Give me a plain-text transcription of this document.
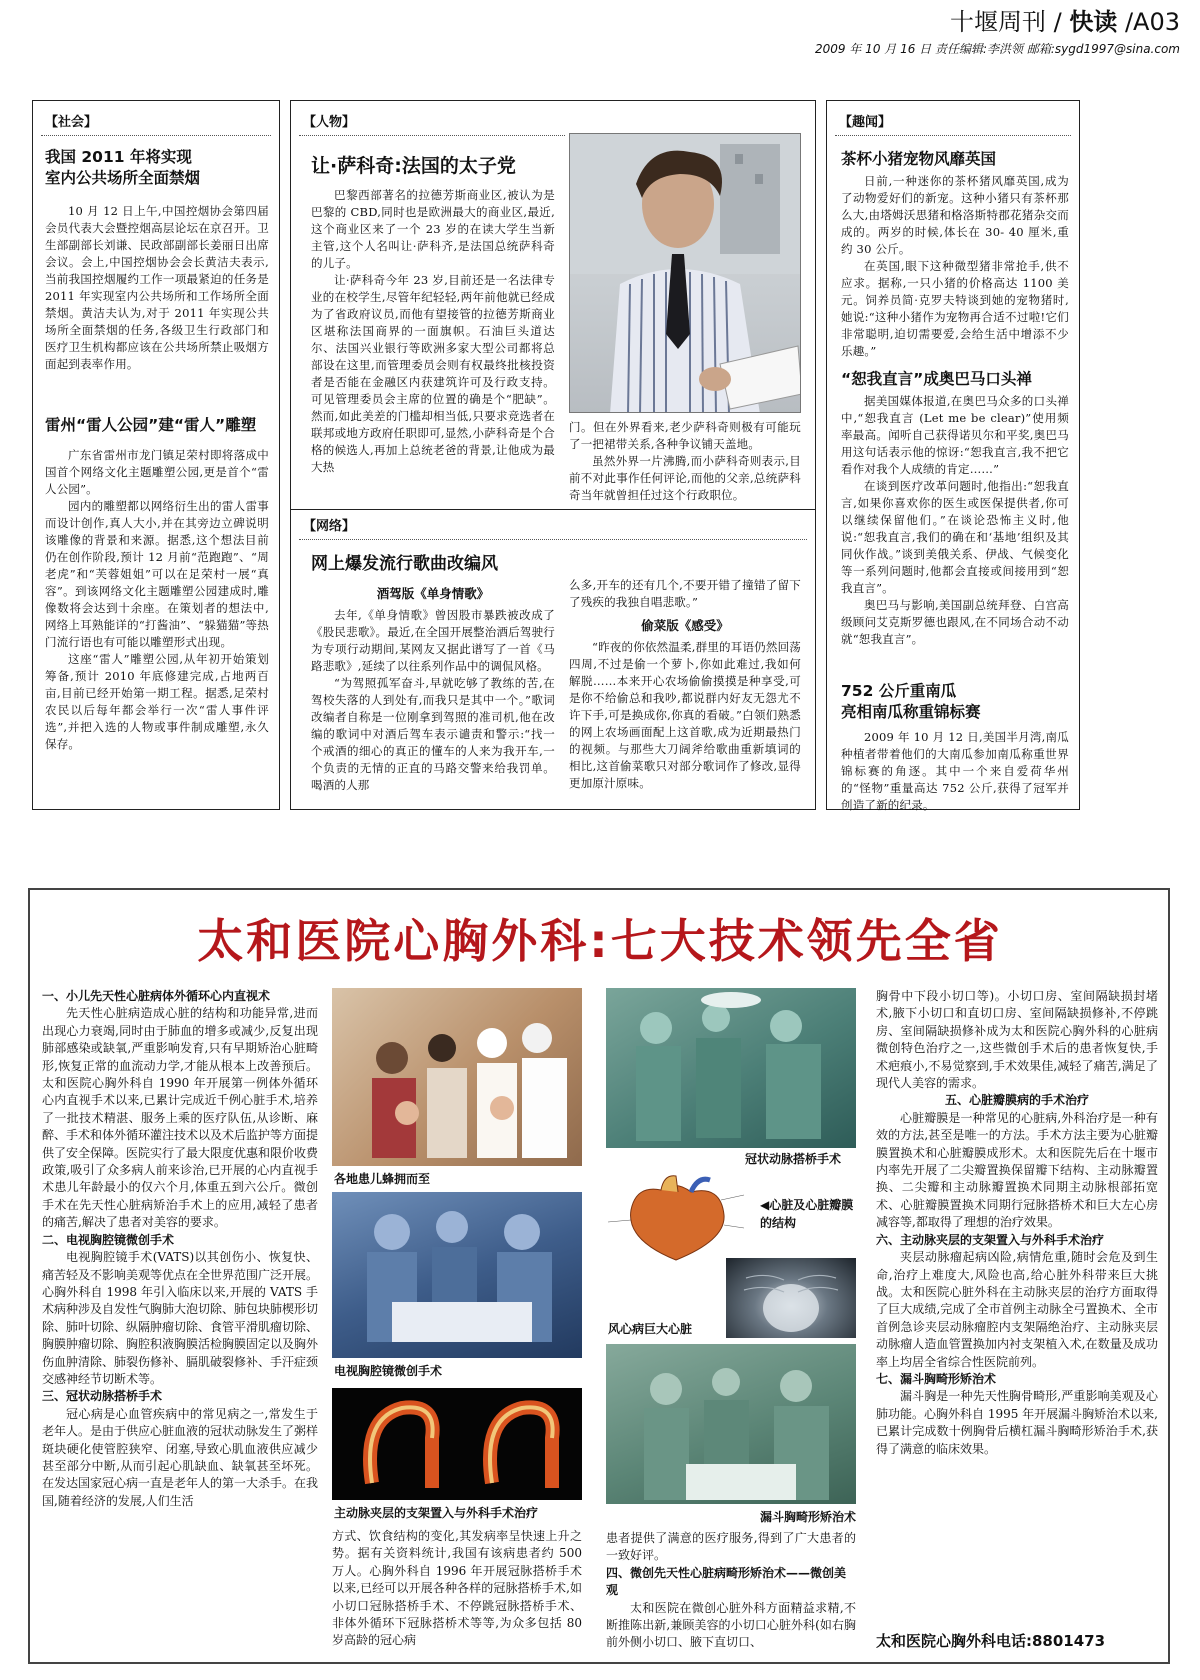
十堰周刊 / 快读 /A03
2009 年 10 月 16 日 责任编辑:李洪领 邮箱:sygd1997@sina.com
【社会】
我国 2011 年将实现
室内公共场所全面禁烟

10 月 12 日上午,中国控烟协会第四届会员代表大会暨控烟高层论坛在京召开。卫生部副部长刘谦、民政部副部长姜丽日出席会议。会上,中国控烟协会会长黄洁夫表示,当前我国控烟履约工作一项最紧迫的任务是 2011 年实现室内公共场所和工作场所全面禁烟。黄洁夫认为,对于 2011 年实现公共场所全面禁烟的任务,各级卫生行政部门和医疗卫生机构都应该在公共场所禁止吸烟方面起到表率作用。

雷州“雷人公园”建“雷人”雕塑

广东省雷州市龙门镇足荣村即将落成中国首个网络文化主题雕塑公园,更是首个“雷人公园”。

园内的雕塑都以网络衍生出的雷人雷事而设计创作,真人大小,并在其旁边立碑说明该雕像的背景和来源。据悉,这个想法目前仍在创作阶段,预计 12 月前“范跑跑”、“周老虎”和“芙蓉姐姐”可以在足荣村一展“真容”。到该网络文化主题雕塑公园建成时,雕像数将会达到十余座。在策划者的想法中,网络上耳熟能详的“打酱油”、“躲猫猫”等热门流行语也有可能以雕塑形式出现。

这座“雷人”雕塑公园,从年初开始策划筹备,预计 2010 年底修建完成,占地两百亩,目前已经开始第一期工程。据悉,足荣村农民以后每年都会举行一次“雷人事件评选”,并把入选的人物或事件制成雕塑,永久保存。

【人物】
让·萨科奇:法国的太子党

巴黎西部著名的拉德芳斯商业区,被认为是巴黎的 CBD,同时也是欧洲最大的商业区,最近,这个商业区来了一个 23 岁的在读大学生当新主管,这个人名叫让·萨科齐,是法国总统萨科奇的儿子。

让·萨科奇今年 23 岁,目前还是一名法律专业的在校学生,尽管年纪轻轻,两年前他就已经成为了省政府议员,而他有望接管的拉德芳斯商业区堪称法国商界的一面旗帜。石油巨头道达尔、法国兴业银行等欧洲多家大型公司都将总部设在这里,而管理委员会则有权最终批核投资者是否能在金融区内获建筑许可及行政支持。可见管理委员会主席的位置的确是个“肥缺”。然而,如此美差的门槛却相当低,只要求竞选者在联邦或地方政府任职即可,显然,小萨科奇是个合格的候选人,再加上总统老爸的背景,让他成为最大热

门。但在外界看来,老少萨科奇则极有可能玩了一把裙带关系,各种争议铺天盖地。

虽然外界一片沸腾,而小萨科奇则表示,目前不对此事作任何评论,而他的父亲,总统萨科奇当年就曾担任过这个行政职位。

【网络】
网上爆发流行歌曲改编风
酒驾版《单身情歌》

去年,《单身情歌》曾因股市暴跌被改成了《股民悲歌》。最近,在全国开展整治酒后驾驶行为专项行动期间,某网友又据此谱写了一首《马路悲歌》,延续了以往系列作品中的调侃风格。

“为驾照孤军奋斗,早就吃够了教练的苦,在驾校失落的人到处有,而我只是其中一个。”歌词改编者自称是一位刚拿到驾照的准司机,他在改编的歌词中对酒后驾车表示谴责和警示:“找一个戒酒的细心的真正的懂车的人来为我开车,一个负责的无情的正直的马路交警来给我罚单。喝酒的人那

么多,开车的还有几个,不要开错了撞错了留下了残疾的我独自唱悲歌。”

偷菜版《感受》

“昨夜的你依然温柔,群里的耳语仍然回荡四周,不过是偷一个萝卜,你如此难过,我如何解脱……本来开心农场偷偷摸摸是种享受,可是你不给偷总和我吵,都说群内好友无怨尤不许下手,可是换成你,你真的看破。”白领们熟悉的网上农场画面配上这首歌,成为近期最热门的视频。与那些大刀阔斧给歌曲重新填词的相比,这首偷菜歌只对部分歌词作了修改,显得更加原汁原味。

【趣闻】
茶杯小猪宠物风靡英国

日前,一种迷你的茶杯猪风靡英国,成为了动物爱好们的新宠。这种小猪只有茶杯那么大,由塔姆沃思猪和格洛斯特郡花猪杂交而成的。两岁的时候,体长在 30- 40 厘米,重约 30 公斤。

在英国,眼下这种微型猪非常抢手,供不应求。据称,一只小猪的价格高达 1100 美元。饲养员简·克罗夫特谈到她的宠物猪时,她说:“这种小猪作为宠物再合适不过啦!它们非常聪明,迫切需要爱,会给生活中增添不少乐趣。”

“恕我直言”成奥巴马口头禅

据美国媒体报道,在奥巴马众多的口头禅中,“恕我直言 (Let me be clear)”使用频率最高。闻听自己获得诺贝尔和平奖,奥巴马用这句话表示他的惊讶:“恕我直言,我不把它看作对我个人成绩的肯定……”

在谈到医疗改革问题时,他指出:“恕我直言,如果你喜欢你的医生或医保提供者,你可以继续保留他们。”在谈论恐怖主义时,他说:“恕我直言,我们的确在和‘基地’组织及其同伙作战。”谈到美俄关系、伊战、气候变化等一系列问题时,他都会直接或间接用到“恕我直言”。

奥巴马与影响,美国副总统拜登、白宫高级顾问艾克斯罗德也跟风,在不同场合动不动就“恕我直言”。

752 公斤重南瓜
亮相南瓜称重锦标赛

2009 年 10 月 12 日,美国半月湾,南瓜种植者带着他们的大南瓜参加南瓜称重世界锦标赛的角逐。其中一个来自爱荷华州的“怪物”重量高达 752 公斤,获得了冠军并创造了新的纪录。

太和医院心胸外科:七大技术领先全省

一、小儿先天性心脏病体外循环心内直视术

先天性心脏病造成心脏的结构和功能异常,进而出现心力衰竭,同时由于肺血的增多或减少,反复出现肺部感染或缺氧,严重影响发育,只有早期矫治心脏畸形,恢复正常的血流动力学,才能从根本上改善预后。太和医院心胸外科自 1990 年开展第一例体外循环心内直视手术以来,已累计完成近千例心脏手术,培养了一批技术精湛、服务上乘的医疗队伍,从诊断、麻醉、手术和体外循环灌注技术以及术后监护等方面提供了安全保障。医院实行了最大限度优惠和限价收费政策,吸引了众多病人前来诊治,已开展的心内直视手术患儿年龄最小的仅六个月,体重五到六公斤。微创手术在先天性心脏病矫治手术上的应用,减轻了患者的痛苦,解决了患者对美容的要求。

二、电视胸腔镜微创手术

电视胸腔镜手术(VATS)以其创伤小、恢复快、痛苦轻及不影响美观等优点在全世界范围广泛开展。心胸外科自 1998 年引入临床以来,开展的 VATS 手术病种涉及自发性气胸肺大泡切除、肺包块肺楔形切除、肺叶切除、纵隔肿瘤切除、食管平滑肌瘤切除、胸膜肿瘤切除、胸腔积液胸膜活检胸膜固定以及胸外伤血肿清除、肺裂伤修补、膈肌破裂修补、手汗症颈交感神经节切断术等。

三、冠状动脉搭桥手术

冠心病是心血管疾病中的常见病之一,常发生于老年人。是由于供应心脏血液的冠状动脉发生了粥样斑块硬化使管腔狭窄、闭塞,导致心肌血液供应减少甚至部分中断,从而引起心肌缺血、缺氧甚至坏死。在发达国家冠心病一直是老年人的第一大杀手。在我国,随着经济的发展,人们生活

各地患儿蜂拥而至
电视胸腔镜微创手术
主动脉夹层的支架置入与外科手术治疗

方式、饮食结构的变化,其发病率呈快速上升之势。据有关资料统计,我国有该病患者约 500 万人。心胸外科自 1996 年开展冠脉搭桥手术以来,已经可以开展各种各样的冠脉搭桥手术,如小切口冠脉搭桥手术、不停跳冠脉搭桥手术、非体外循环下冠脉搭桥术等等,为众多包括 80 岁高龄的冠心病

冠状动脉搭桥手术
◀心脏及心脏瓣膜的结构
风心病巨大心脏
漏斗胸畸形矫治术

患者提供了满意的医疗服务,得到了广大患者的一致好评。

四、微创先天性心脏病畸形矫治术——微创美观

太和医院在微创心脏外科方面精益求精,不断推陈出新,兼顾美容的小切口心脏外科(如右胸前外侧小切口、腋下直切口、

胸骨中下段小切口等)。小切口房、室间隔缺损封堵术,腋下小切口和直切口房、室间隔缺损修补,不停跳房、室间隔缺损修补成为太和医院心胸外科的心脏病微创特色治疗之一,这些微创手术后的患者恢复快,手术疤痕小,不易觉察到,手术效果佳,减轻了痛苦,满足了现代人美容的需求。

五、心脏瓣膜病的手术治疗

心脏瓣膜是一种常见的心脏病,外科治疗是一种有效的方法,甚至是唯一的方法。手术方法主要为心脏瓣膜置换术和心脏瓣膜成形术。太和医院先后在十堰市内率先开展了二尖瓣置换保留瓣下结构、主动脉瓣置换、二尖瓣和主动脉瓣置换术同期主动脉根部拓宽术、心脏瓣膜置换术同期行冠脉搭桥术和巨大左心房减容等,都取得了理想的治疗效果。

六、主动脉夹层的支架置入与外科手术治疗

夹层动脉瘤起病凶险,病情危重,随时会危及到生命,治疗上难度大,风险也高,给心脏外科带来巨大挑战。太和医院心脏外科在主动脉夹层的治疗方面取得了巨大成绩,完成了全市首例主动脉全弓置换术、全市首例急诊夹层动脉瘤腔内支架隔绝治疗、主动脉夹层动脉瘤人造血管置换加内衬支架植入术,在数量及成功率上均居全省综合性医院前列。

七、漏斗胸畸形矫治术

漏斗胸是一种先天性胸骨畸形,严重影响美观及心肺功能。心胸外科自 1995 年开展漏斗胸矫治术以来,已累计完成数十例胸骨后横杠漏斗胸畸形矫治手术,获得了满意的临床效果。

太和医院心胸外科电话:8801473
